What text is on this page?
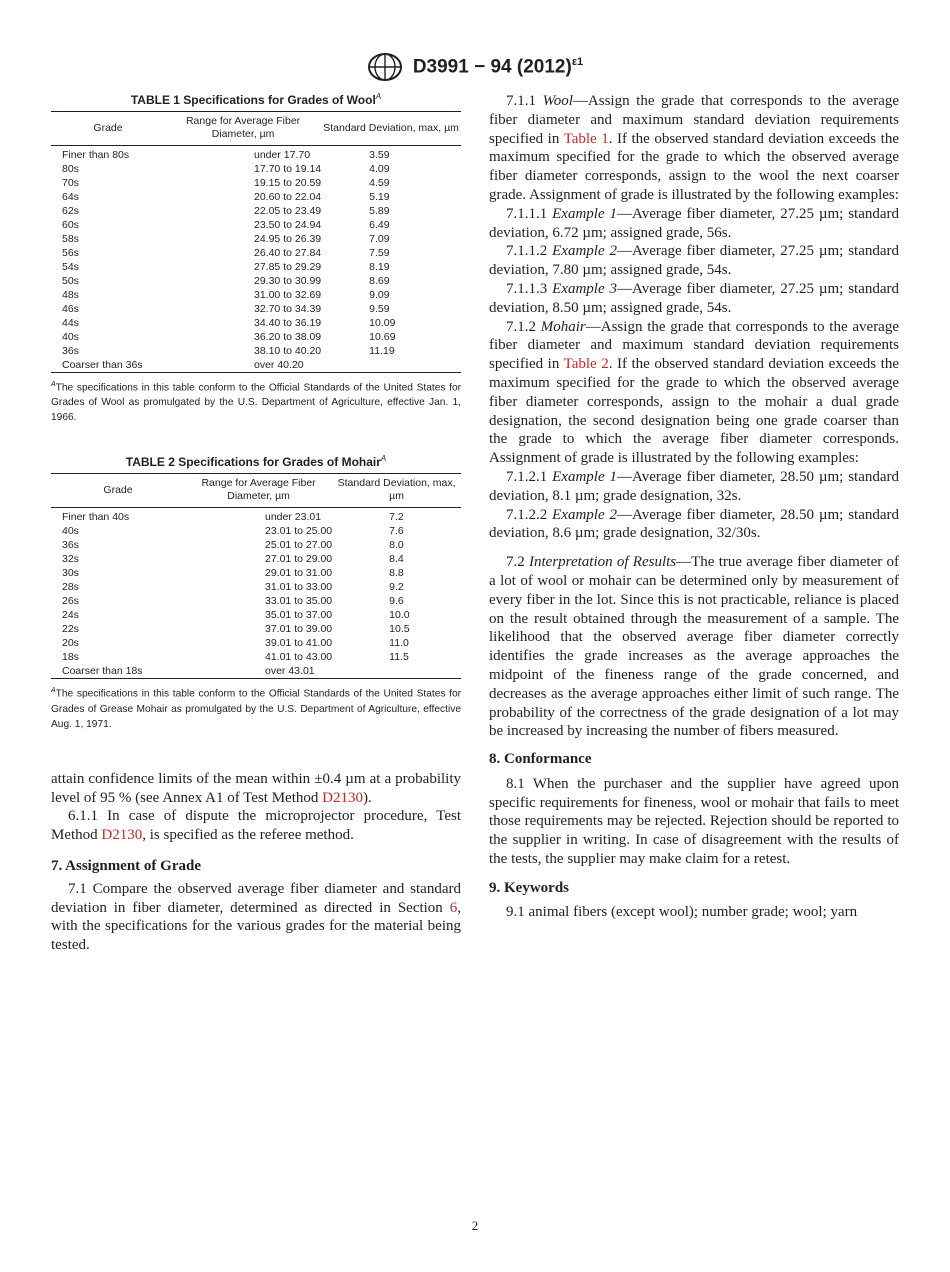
D3991 − 94 $(2012)^{\varepsilon 1}$
TABLE 1 Specifications for Grades of Wool$^A$
Grade	Range for Average Fiber Diameter, µm	Standard Deviation, max, µm
Finer than 80s	under 17.70	3.59
80s	17.70 to 19.14	4.09
70s	19.15 to 20.59	4.59
64s	20.60 to 22.04	5.19
62s	22.05 to 23.49	5.89
60s	23.50 to 24.94	6.49
58s	24.95 to 26.39	7.09
56s	26.40 to 27.84	7.59
54s	27.85 to 29.29	8.19
50s	29.30 to 30.99	8.69
48s	31.00 to 32.69	9.09
46s	32.70 to 34.39	9.59
44s	34.40 to 36.19	10.09
40s	36.20 to 38.09	10.69
36s	38.10 to 40.20	11.19
Coarser than 36s	over 40.20	
$^A$The specifications in this table conform to the Official Standards of the United States for Grades of Wool as promulgated by the U.S. Department of Agriculture, effective Jan. 1, 1966.
TABLE 2 Specifications for Grades of Mohair$^A$
Grade	Range for Average Fiber Diameter, µm	Standard Deviation, max, µm
Finer than 40s	under 23.01	7.2
40s	23.01 to 25.00	7.6
36s	25.01 to 27.00	8.0
32s	27.01 to 29.00	8.4
30s	29.01 to 31.00	8.8
28s	31.01 to 33.00	9.2
26s	33.01 to 35.00	9.6
24s	35.01 to 37.00	10.0
22s	37.01 to 39.00	10.5
20s	39.01 to 41.00	11.0
18s	41.01 to 43.00	11.5
Coarser than 18s	over 43.01	
$^A$The specifications in this table conform to the Official Standards of the United States for Grades of Grease Mohair as promulgated by the U.S. Department of Agriculture, effective Aug. 1, 1971.

attain confidence limits of the mean within ±0.4 µm at a probability level of 95 % (see Annex A1 of Test Method D2130).

6.1.1 In case of dispute the microprojector procedure, Test Method D2130, is specified as the referee method.

7. Assignment of Grade

7.1 Compare the observed average fiber diameter and standard deviation in fiber diameter, determined as directed in Section 6, with the specifications for the various grades for the material being tested.

7.1.1 Wool—Assign the grade that corresponds to the average fiber diameter and maximum standard deviation requirements specified in Table 1. If the observed standard deviation exceeds the maximum specified for the grade to which the observed average fiber diameter corresponds, assign to the wool the next coarser grade. Assignment of grade is illustrated by the following examples:

7.1.1.1 Example 1—Average fiber diameter, 27.25 µm; standard deviation, 6.72 µm; assigned grade, 56s.

7.1.1.2 Example 2—Average fiber diameter, 27.25 µm; standard deviation, 7.80 µm; assigned grade, 54s.

7.1.1.3 Example 3—Average fiber diameter, 27.25 µm; standard deviation, 8.50 µm; assigned grade, 54s.

7.1.2 Mohair—Assign the grade that corresponds to the average fiber diameter and maximum standard deviation requirements specified in Table 2. If the observed standard deviation exceeds the maximum specified for the grade to which the observed average fiber diameter corresponds, assign to the mohair a dual grade designation, the second designation being one grade coarser than the grade to which the average fiber diameter corresponds. Assignment of grade is illustrated by the following examples:

7.1.2.1 Example 1—Average fiber diameter, 28.50 µm; standard deviation, 8.1 µm; grade designation, 32s.

7.1.2.2 Example 2—Average fiber diameter, 28.50 µm; standard deviation, 8.6 µm; grade designation, 32/30s.

7.2 Interpretation of Results—The true average fiber diameter of a lot of wool or mohair can be determined only by measurement of every fiber in the lot. Since this is not practicable, reliance is placed on the result obtained through the measurement of a sample. The likelihood that the observed average fiber diameter correctly identifies the grade increases as the average approaches the midpoint of the fineness range of the grade concerned, and decreases as the average approaches either limit of such range. The probability of the correctness of the grade designation of a lot may be increased by increasing the number of fibers measured.

8. Conformance

8.1 When the purchaser and the supplier have agreed upon specific requirements for fineness, wool or mohair that fails to meet those requirements may be rejected. Rejection should be reported to the supplier in writing. In case of disagreement with the results of the tests, the supplier may make claim for a retest.

9. Keywords

9.1 animal fibers (except wool); number grade; wool; yarn

2
